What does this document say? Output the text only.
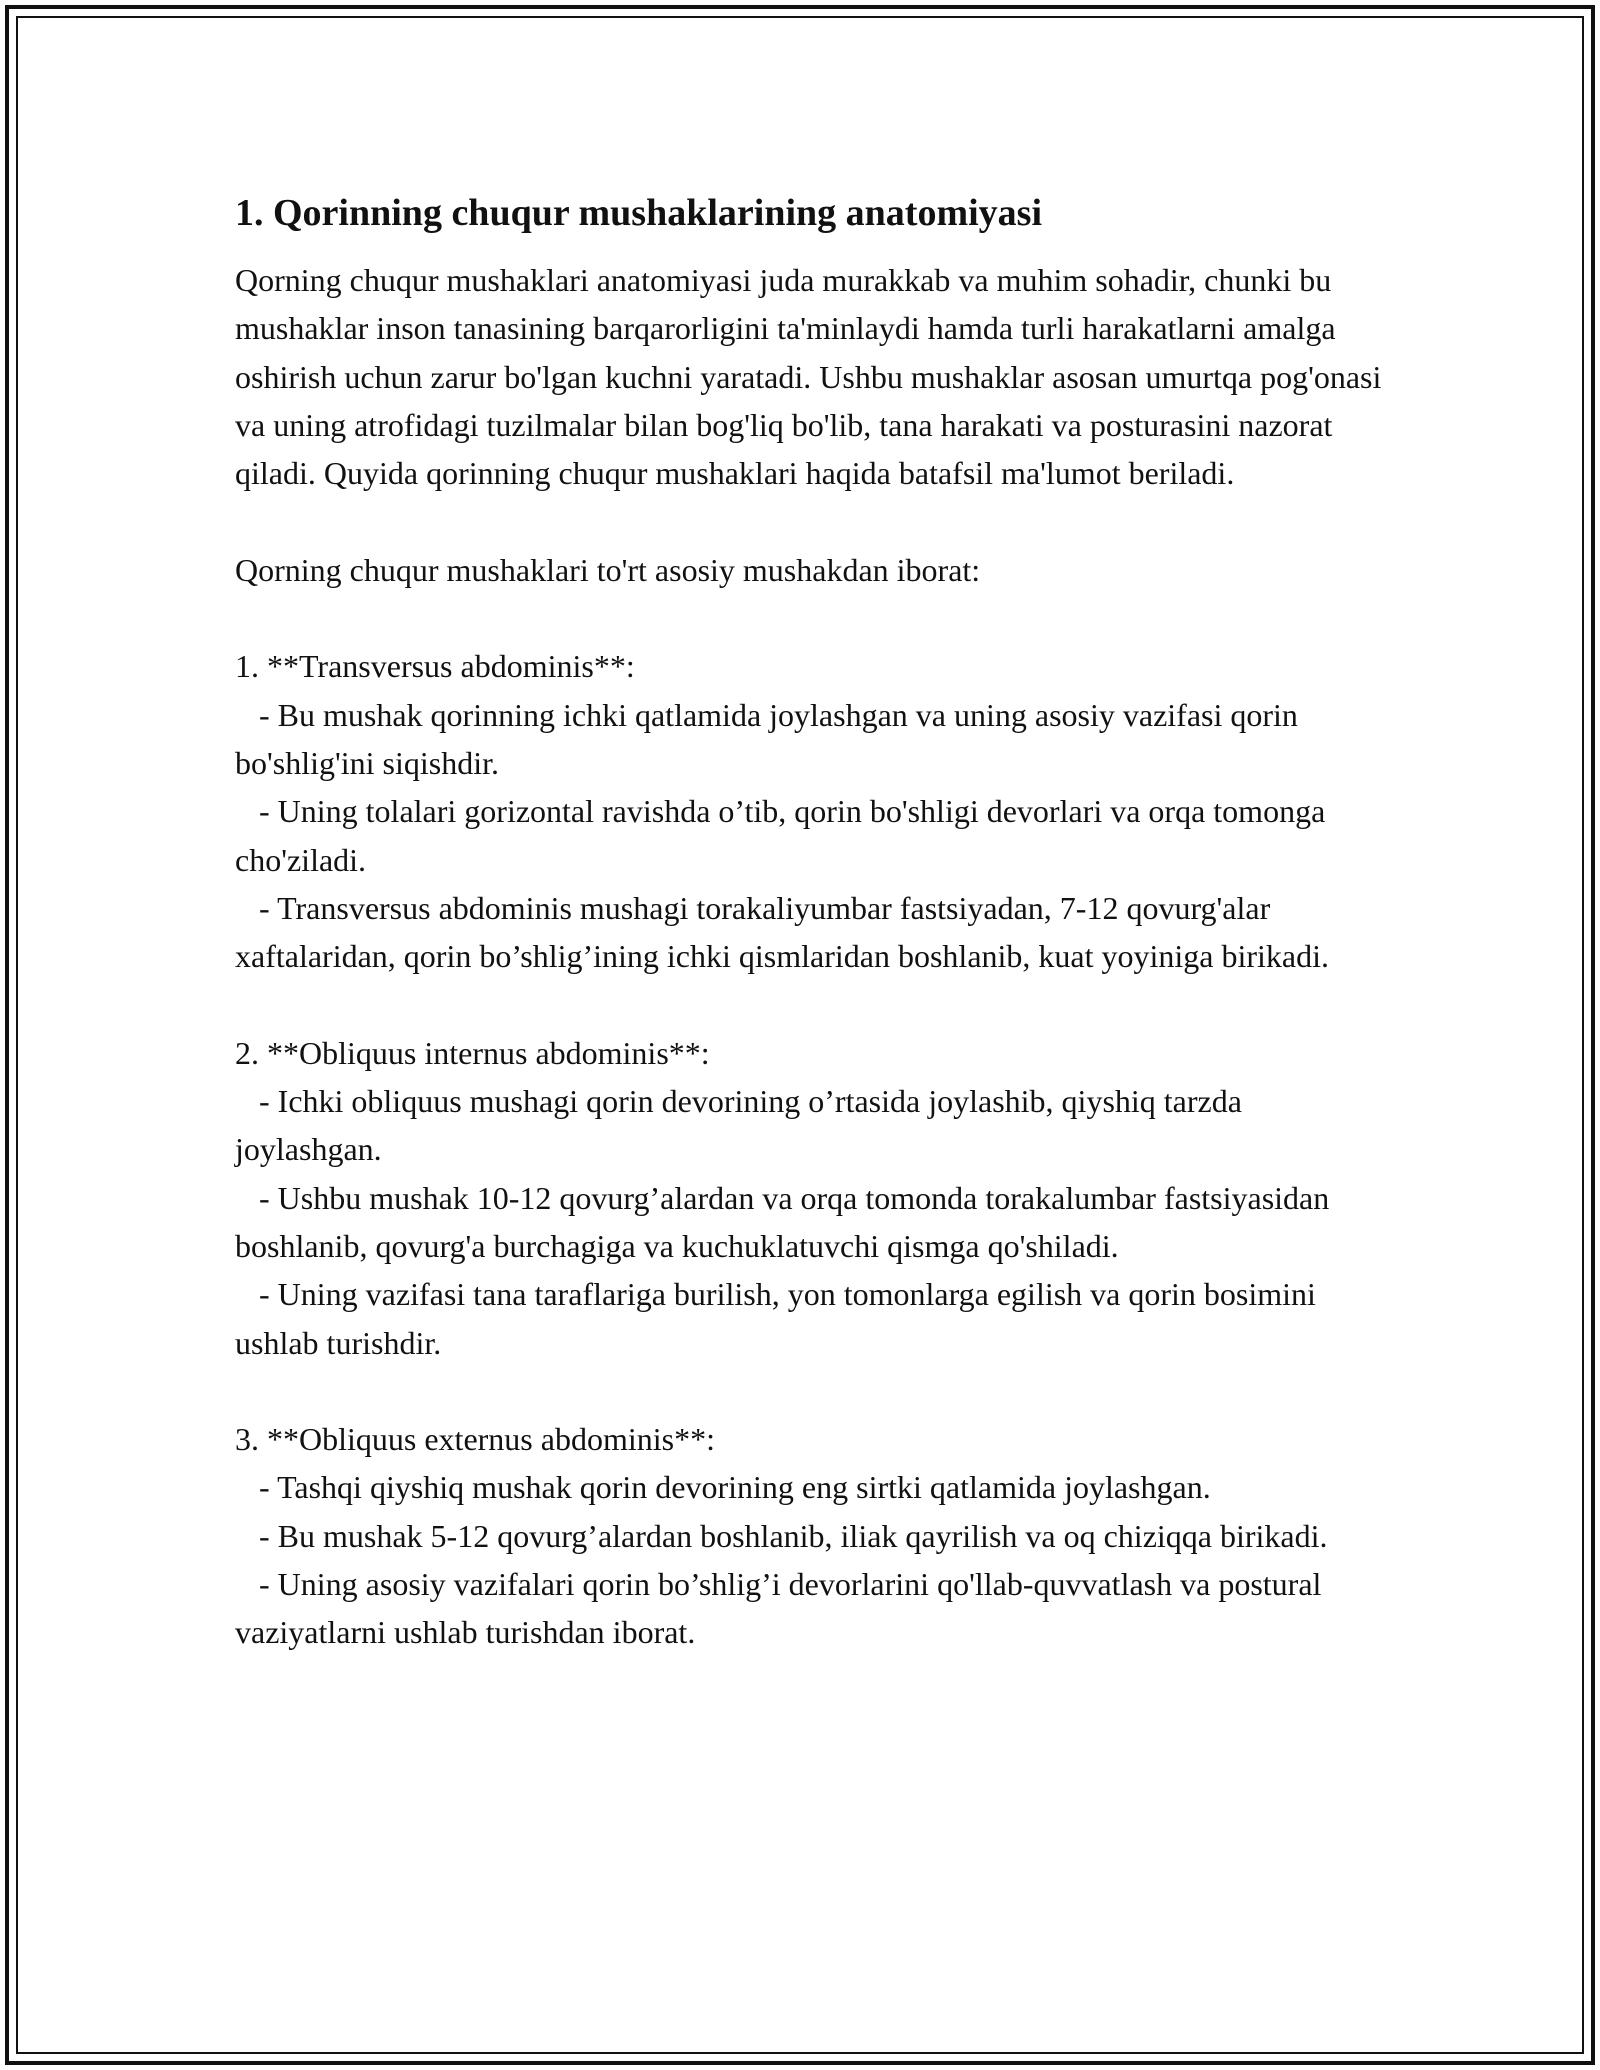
1. Qorinning chuqur mushaklarining anatomiyasi

Qorning chuqur mushaklari anatomiyasi juda murakkab va muhim sohadir, chunki bu mushaklar inson tanasining barqarorligini ta'minlaydi hamda turli harakatlarni amalga oshirish uchun zarur bo'lgan kuchni yaratadi. Ushbu mushaklar asosan umurtqa pog'onasi va uning atrofidagi tuzilmalar bilan bog'liq bo'lib, tana harakati va posturasini nazorat qiladi. Quyida qorinning chuqur mushaklari haqida batafsil ma'lumot beriladi.

Qorning chuqur mushaklari to'rt asosiy mushakdan iborat:

1. **Transversus abdominis**:

- Bu mushak qorinning ichki qatlamida joylashgan va uning asosiy vazifasi qorin bo'shlig'ini siqishdir.

- Uning tolalari gorizontal ravishda o’tib, qorin bo'shligi devorlari va orqa tomonga cho'ziladi.

- Transversus abdominis mushagi torakaliyumbar fastsiyadan, 7-12 qovurg'alar xaftalaridan, qorin bo’shlig’ining ichki qismlaridan boshlanib, kuat yoyiniga birikadi.

2. **Obliquus internus abdominis**:

- Ichki obliquus mushagi qorin devorining o’rtasida joylashib, qiyshiq tarzda joylashgan.

- Ushbu mushak 10-12 qovurg’alardan va orqa tomonda torakalumbar fastsiyasidan boshlanib, qovurg'a burchagiga va kuchuklatuvchi qismga qo'shiladi.

- Uning vazifasi tana taraflariga burilish, yon tomonlarga egilish va qorin bosimini ushlab turishdir.

3. **Obliquus externus abdominis**:

- Tashqi qiyshiq mushak qorin devorining eng sirtki qatlamida joylashgan.

- Bu mushak 5-12 qovurg’alardan boshlanib, iliak qayrilish va oq chiziqqa birikadi.

- Uning asosiy vazifalari qorin bo’shlig’i devorlarini qo'llab-quvvatlash va postural vaziyatlarni ushlab turishdan iborat.
